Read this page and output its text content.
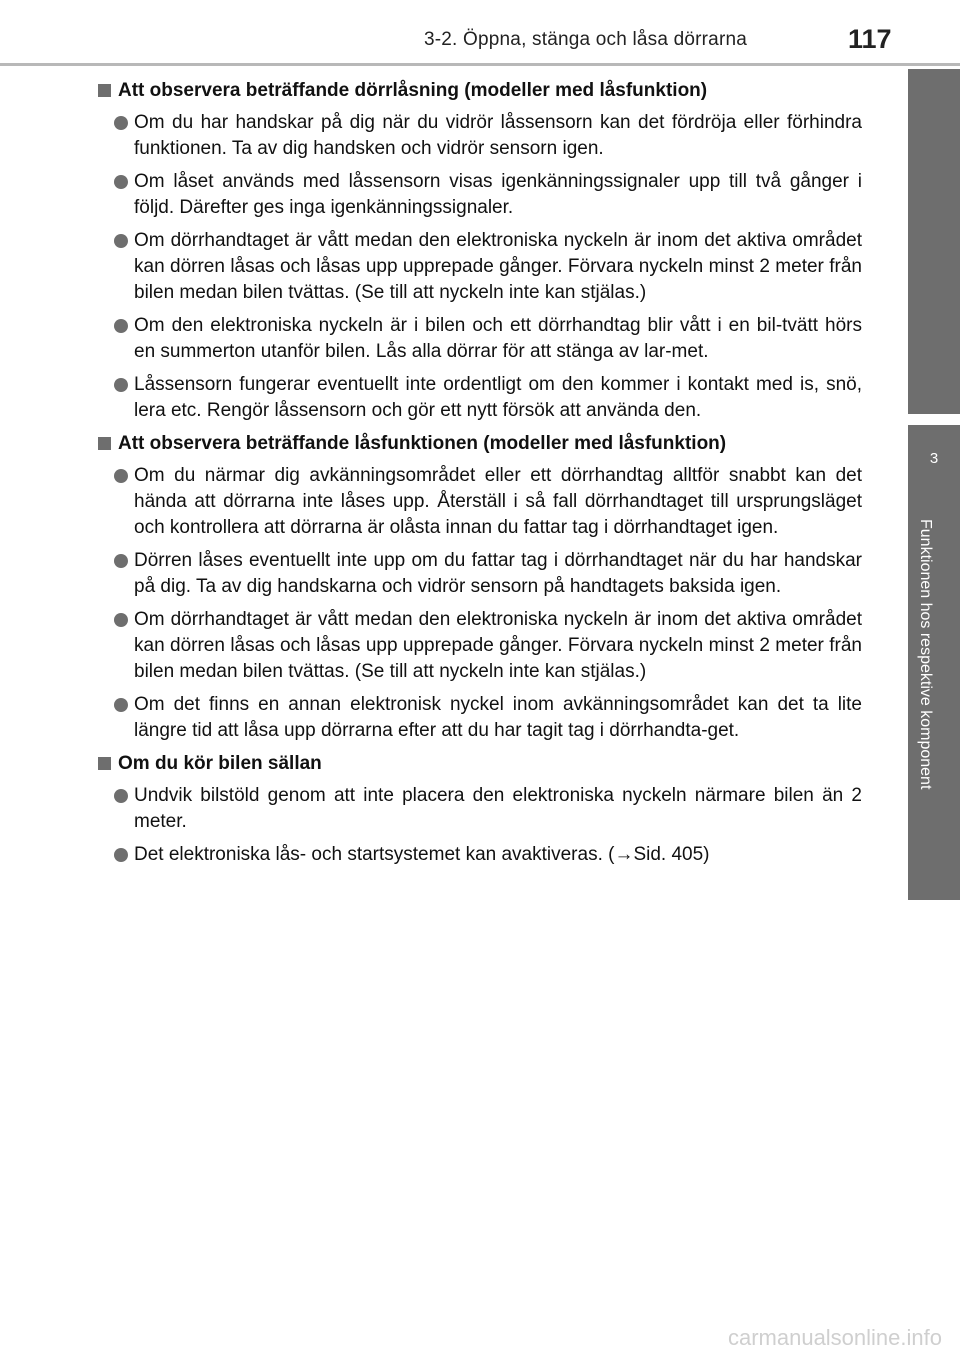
3-2. Öppna, stänga och låsa dörrarna	117
3
Funktionen hos respektive komponent
Att observera beträffande dörrlåsning (modeller med låsfunktion)
Om du har handskar på dig när du vidrör låssensorn kan det fördröja eller förhindra funktionen. Ta av dig handsken och vidrör sensorn igen.
Om låset används med låssensorn visas igenkänningssignaler upp till två gånger i följd. Därefter ges inga igenkänningssignaler.
Om dörrhandtaget är vått medan den elektroniska nyckeln är inom det aktiva området kan dörren låsas och låsas upp upprepade gånger. Förvara nyckeln minst 2 meter från bilen medan bilen tvättas. (Se till att nyckeln inte kan stjälas.)
Om den elektroniska nyckeln är i bilen och ett dörrhandtag blir vått i en bil-tvätt hörs en summerton utanför bilen. Lås alla dörrar för att stänga av lar-met.
Låssensorn fungerar eventuellt inte ordentligt om den kommer i kontakt med is, snö, lera etc. Rengör låssensorn och gör ett nytt försök att använda den.
Att observera beträffande låsfunktionen (modeller med låsfunktion)
Om du närmar dig avkänningsområdet eller ett dörrhandtag alltför snabbt kan det hända att dörrarna inte låses upp. Återställ i så fall dörrhandtaget till ursprungsläget och kontrollera att dörrarna är olåsta innan du fattar tag i dörrhandtaget igen.
Dörren låses eventuellt inte upp om du fattar tag i dörrhandtaget när du har handskar på dig. Ta av dig handskarna och vidrör sensorn på handtagets baksida igen.
Om dörrhandtaget är vått medan den elektroniska nyckeln är inom det aktiva området kan dörren låsas och låsas upp upprepade gånger. Förvara nyckeln minst 2 meter från bilen medan bilen tvättas. (Se till att nyckeln inte kan stjälas.)
Om det finns en annan elektronisk nyckel inom avkänningsområdet kan det ta lite längre tid att låsa upp dörrarna efter att du har tagit tag i dörrhandta-get.
Om du kör bilen sällan
Undvik bilstöld genom att inte placera den elektroniska nyckeln närmare bilen än 2 meter.
Det elektroniska lås- och startsystemet kan avaktiveras. (→Sid. 405)
carmanualsonline.info
